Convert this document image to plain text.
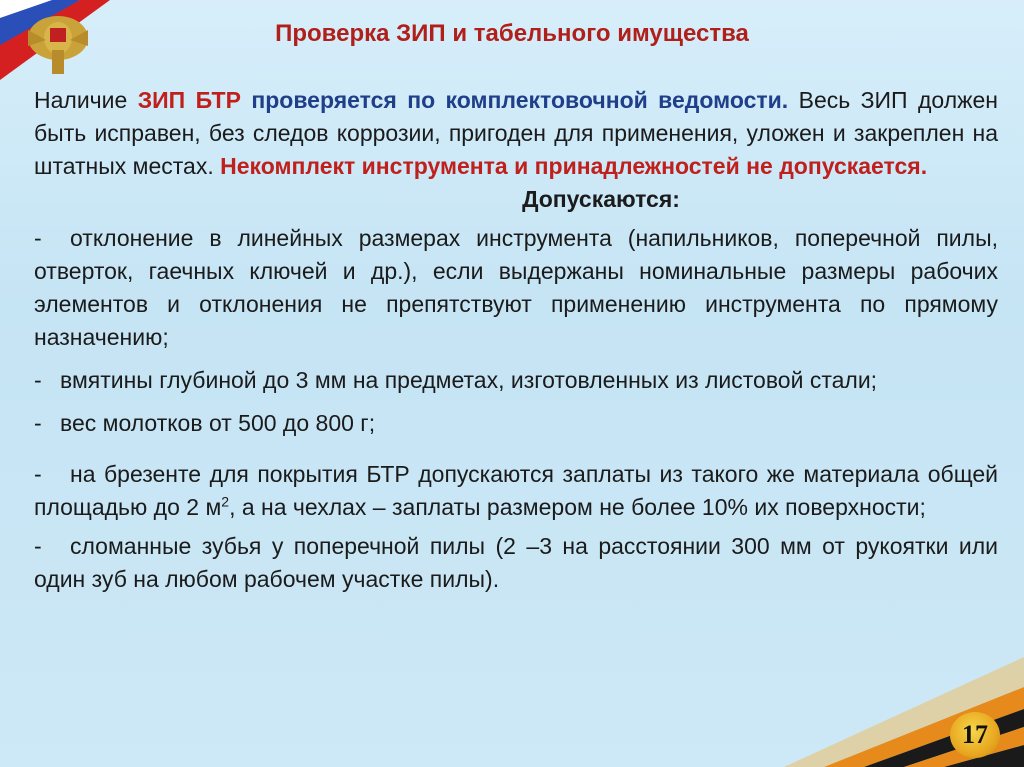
Проверка ЗИП и табельного имущества

Наличие ЗИП БТР проверяется по комплектовочной ведомости. Весь ЗИП должен быть исправен, без следов коррозии, пригоден для применения, уложен и закреплен на штатных местах. Некомплект инструмента и принадлежностей не допускается.

Допускаются:

- отклонение в линейных размерах инструмента (напильников, поперечной пилы, отверток, гаечных ключей и др.), если выдержаны номинальные размеры рабочих элементов и отклонения не препятствуют применению инструмента по прямому назначению;

- вмятины глубиной до 3 мм на предметах, изготовленных из листовой стали;

- вес молотков от 500 до 800 г;

- на брезенте для покрытия БТР допускаются заплаты из такого же материала общей площадью до 2 $м^2$, а на чехлах – заплаты размером не более 10% их поверхности;

- сломанные зубья у поперечной пилы (2 –3 на расстоянии 300 мм от рукоятки или один зуб на любом рабочем участке пилы).

17
